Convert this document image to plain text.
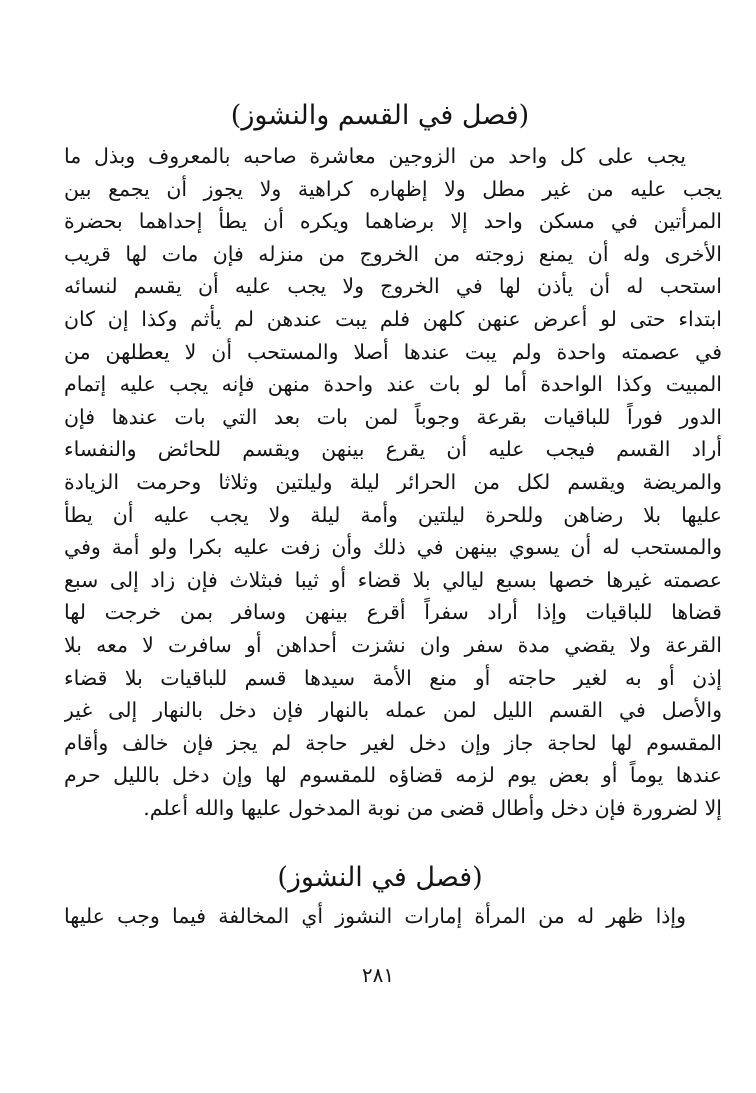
(فصل في القسم والنشوز)
يجب على كل واحد من الزوجين معاشرة صاحبه بالمعروف وبذل ما
يجب عليه من غير مطل ولا إظهاره كراهية ولا يجوز أن يجمع بين
المرأتين في مسكن واحد إلا برضاهما ويكره أن يطأ إحداهما بحضرة
الأخرى وله أن يمنع زوجته من الخروج من منزله فإن مات لها قريب
استحب له أن يأذن لها في الخروج ولا يجب عليه أن يقسم لنسائه
ابتداء حتى لو أعرض عنهن كلهن فلم يبت عندهن لم يأثم وكذا إن كان
في عصمته واحدة ولم يبت عندها أصلا والمستحب أن لا يعطلهن من
المبيت وكذا الواحدة أما لو بات عند واحدة منهن فإنه يجب عليه إتمام
الدور فوراً للباقيات بقرعة وجوباً لمن بات بعد التي بات عندها فإن
أراد القسم فيجب عليه أن يقرع بينهن ويقسم للحائض والنفساء
والمريضة ويقسم لكل من الحرائر ليلة وليلتين وثلاثا وحرمت الزيادة
عليها بلا رضاهن وللحرة ليلتين وأمة ليلة ولا يجب عليه أن يطأ
والمستحب له أن يسوي بينهن في ذلك وأن زفت عليه بكرا ولو أمة وفي
عصمته غيرها خصها بسبع ليالي بلا قضاء أو ثيبا فبثلاث فإن زاد إلى سبع
قضاها للباقيات وإذا أراد سفراً أقرع بينهن وسافر بمن خرجت لها
القرعة ولا يقضي مدة سفر وان نشزت أحداهن أو سافرت لا معه بلا
إذن أو به لغير حاجته أو منع الأمة سيدها قسم للباقيات بلا قضاء
والأصل في القسم الليل لمن عمله بالنهار فإن دخل بالنهار إلى غير
المقسوم لها لحاجة جاز وإن دخل لغير حاجة لم يجز فإن خالف وأقام
عندها يوماً أو بعض يوم لزمه قضاؤه للمقسوم لها وإن دخل بالليل حرم
إلا لضرورة فإن دخل وأطال قضى من نوبة المدخول عليها والله أعلم.
(فصل في النشوز)
وإذا ظهر له من المرأة إمارات النشوز أي المخالفة فيما وجب عليها
٢٨١
